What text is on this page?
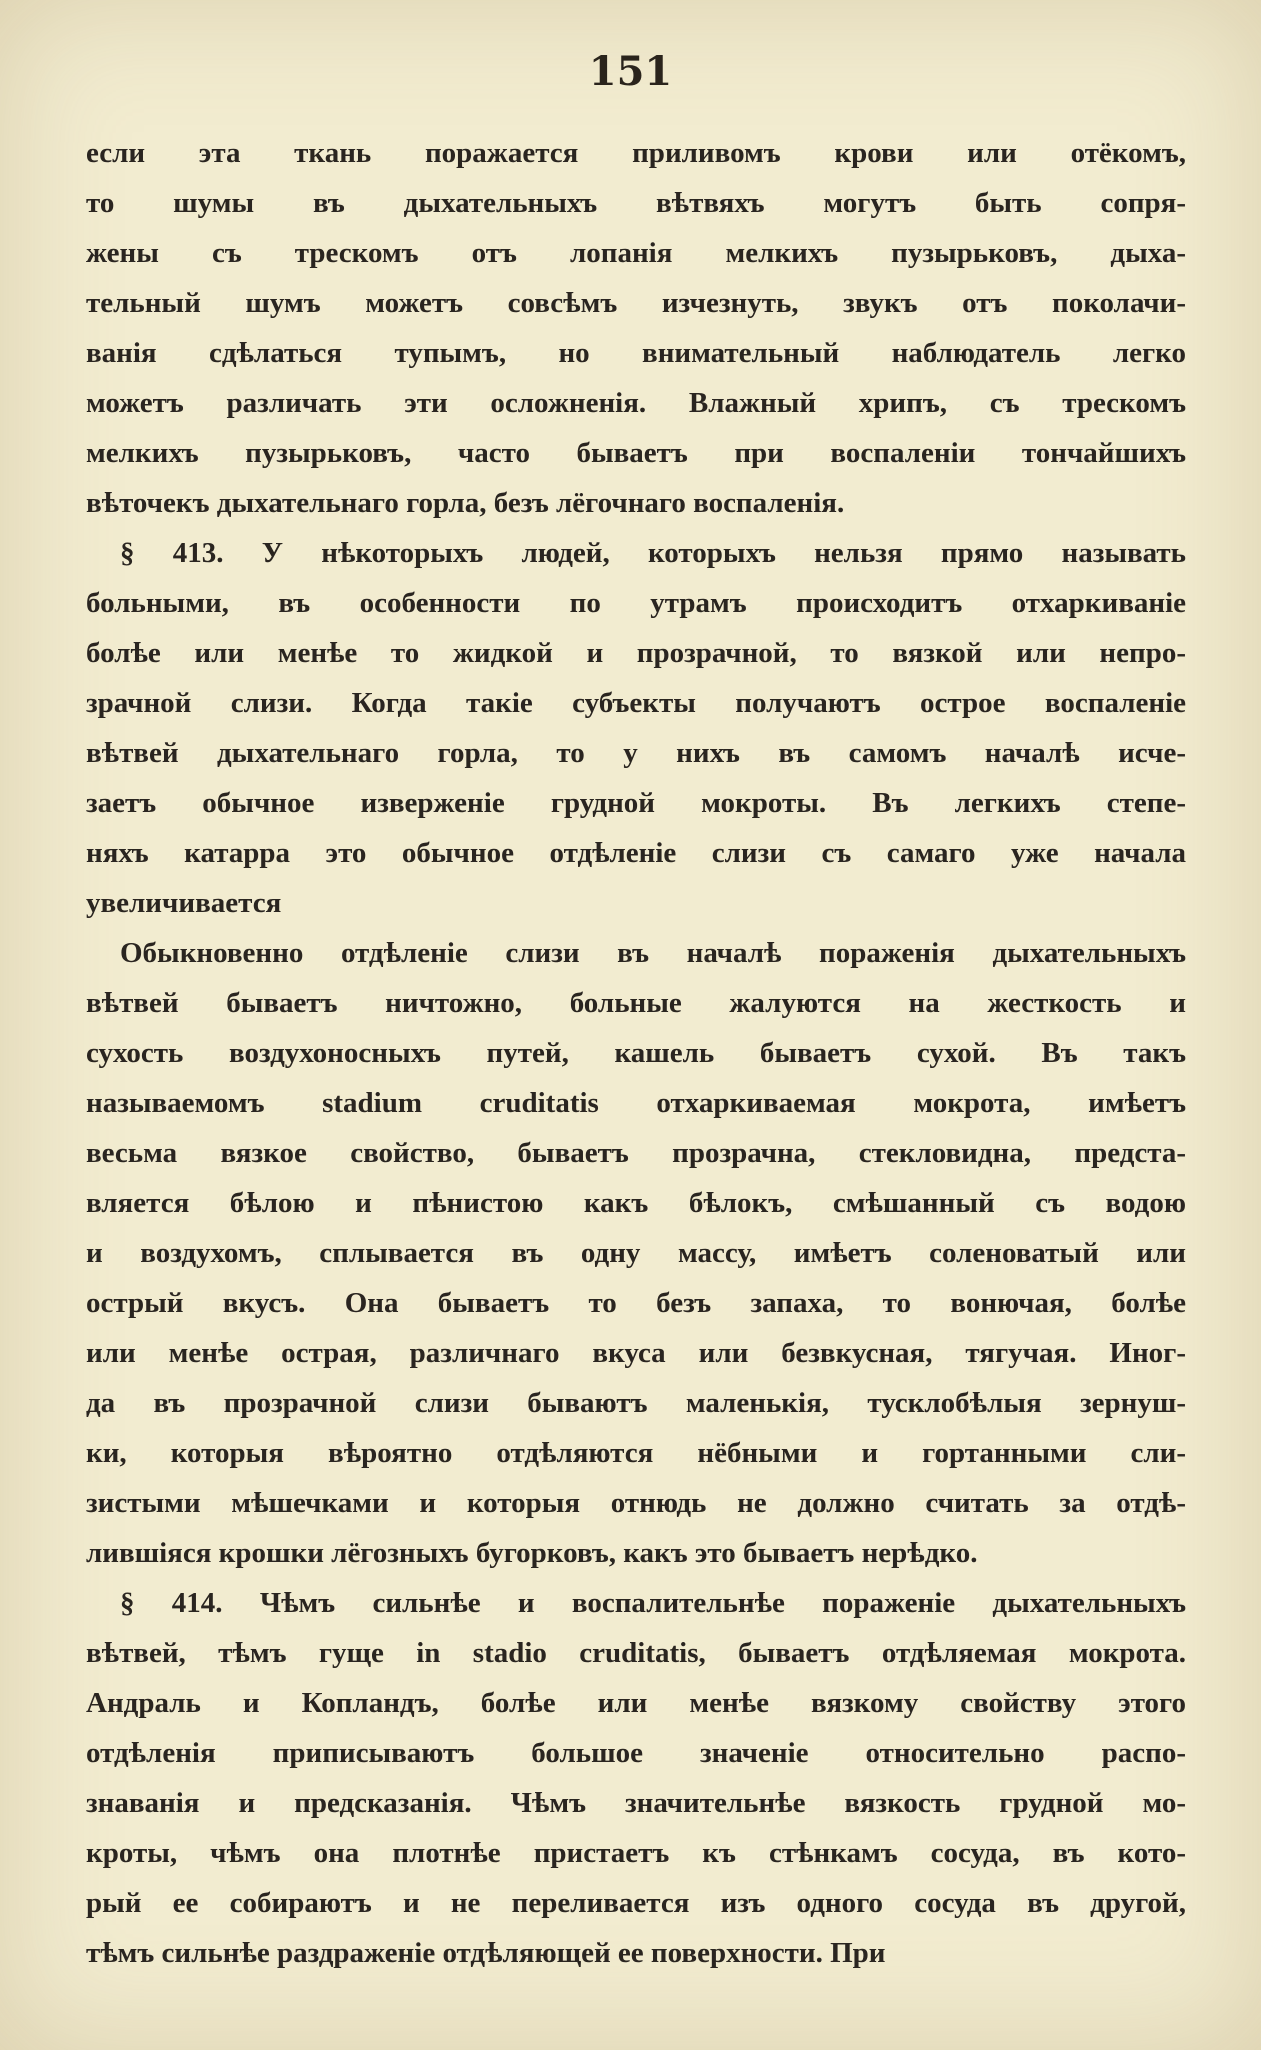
151
если эта ткань поражается приливомъ крови или отёкомъ,
то шумы въ дыхательныхъ вѣтвяхъ могутъ быть сопря-
жены съ трескомъ отъ лопанія мелкихъ пузырьковъ, дыха-
тельный шумъ можетъ совсѣмъ изчезнуть, звукъ отъ поколачи-
ванія сдѣлаться тупымъ, но внимательный наблюдатель легко
можетъ различать эти осложненія. Влажный хрипъ, съ трескомъ
мелкихъ пузырьковъ, часто бываетъ при воспаленіи тончайшихъ
вѣточекъ дыхательнаго горла, безъ лёгочнаго воспаленія.
§ 413. У нѣкоторыхъ людей, которыхъ нельзя прямо называть
больными, въ особенности по утрамъ происходитъ отхаркиваніе
болѣе или менѣе то жидкой и прозрачной, то вязкой или непро-
зрачной слизи. Когда такіе субъекты получаютъ острое воспаленіе
вѣтвей дыхательнаго горла, то у нихъ въ самомъ началѣ исче-
заетъ обычное изверженіе грудной мокроты. Въ легкихъ степе-
няхъ катарра это обычное отдѣленіе слизи съ самаго уже начала
увеличивается
Обыкновенно отдѣленіе слизи въ началѣ пораженія дыхательныхъ
вѣтвей бываетъ ничтожно, больные жалуются на жесткость и
сухость воздухоносныхъ путей, кашель бываетъ сухой. Въ такъ
называемомъ stadium cruditatis отхаркиваемая мокрота, имѣетъ
весьма вязкое свойство, бываетъ прозрачна, стекловидна, предста-
вляется бѣлою и пѣнистою какъ бѣлокъ, смѣшанный съ водою
и воздухомъ, сплывается въ одну массу, имѣетъ соленоватый или
острый вкусъ. Она бываетъ то безъ запаха, то вонючая, болѣе
или менѣе острая, различнаго вкуса или безвкусная, тягучая. Иног-
да въ прозрачной слизи бываютъ маленькія, тусклобѣлыя зернуш-
ки, которыя вѣроятно отдѣляются нёбными и гортанными сли-
зистыми мѣшечками и которыя отнюдь не должно считать за отдѣ-
лившіяся крошки лёгозныхъ бугорковъ, какъ это бываетъ нерѣдко.
§ 414. Чѣмъ сильнѣе и воспалительнѣе пораженіе дыхательныхъ
вѣтвей, тѣмъ гуще in stadio cruditatis, бываетъ отдѣляемая мокрота.
Андраль и Копландъ, болѣе или менѣе вязкому свойству этого
отдѣленія приписываютъ большое значеніе относительно распо-
знаванія и предсказанія. Чѣмъ значительнѣе вязкость грудной мо-
кроты, чѣмъ она плотнѣе пристаетъ къ стѣнкамъ сосуда, въ кото-
рый ее собираютъ и не переливается изъ одного сосуда въ другой,
тѣмъ сильнѣе раздраженіе отдѣляющей ее поверхности. При
